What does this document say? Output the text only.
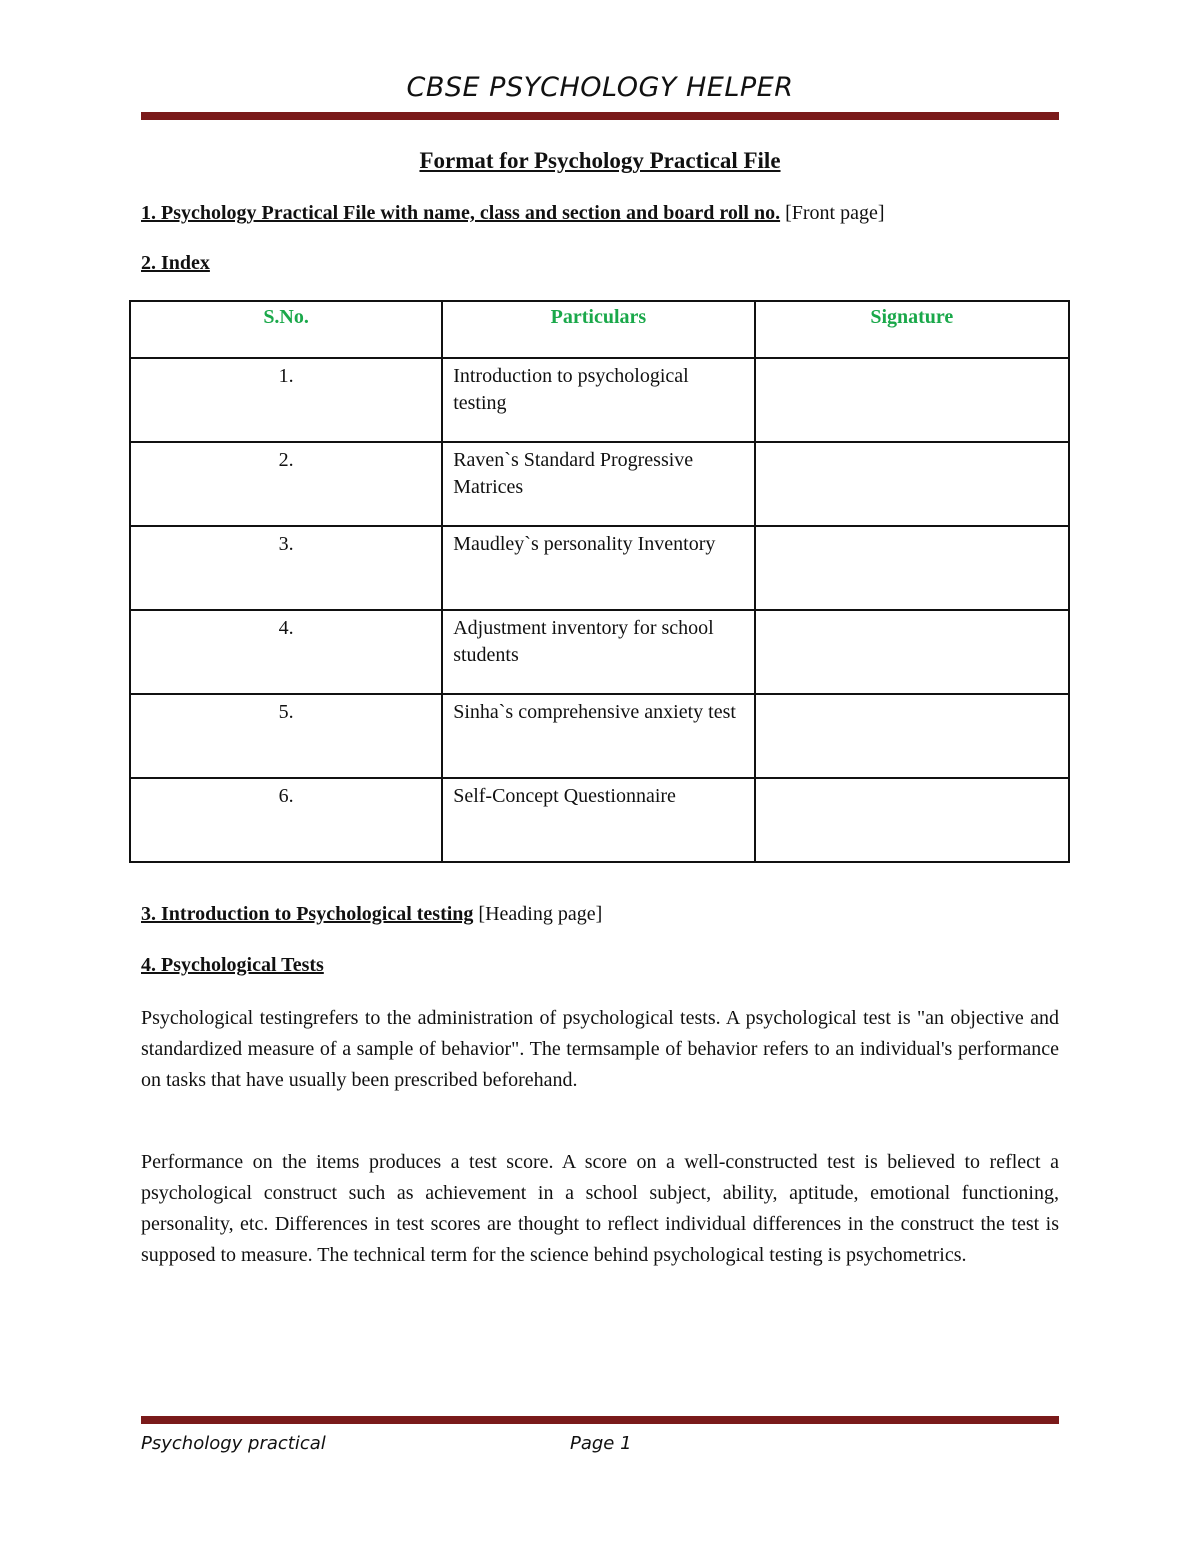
CBSE PSYCHOLOGY HELPER
Format for Psychology Practical File
1. Psychology Practical File with name, class and section and board roll no. [Front page]
2. Index
S.No.	Particulars	Signature
1.	Introduction to psychological testing	
2.	Raven`s Standard Progressive Matrices	
3.	Maudley`s personality Inventory	
4.	Adjustment inventory for school students	
5.	Sinha`s comprehensive anxiety test	
6.	Self-Concept Questionnaire	
3. Introduction to Psychological testing [Heading page]
4. Psychological Tests
Psychological testingrefers to the administration of psychological tests. A psychological test is "an objective and standardized measure of a sample of behavior". The termsample of behavior refers to an individual's performance on tasks that have usually been prescribed beforehand.
Performance on the items produces a test score. A score on a well-constructed test is believed to reflect a psychological construct such as achievement in a school subject, ability, aptitude, emotional functioning, personality, etc. Differences in test scores are thought to reflect individual differences in the construct the test is supposed to measure. The technical term for the science behind psychological testing is psychometrics.
Psychology practical	Page 1
